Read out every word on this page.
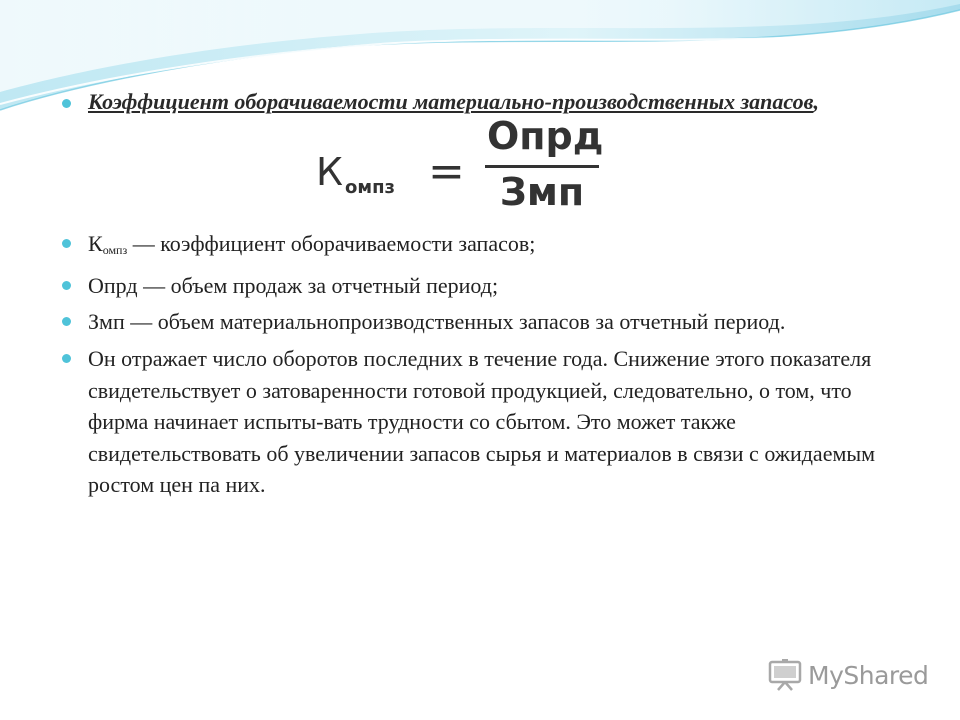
Коэффициент оборачиваемости материально-производственных запасов,
К $_{омпз}$ =
Опрд
Змп
$К_{омпз}$ — коэффициент оборачиваемости запасов;
Опрд — объем продаж за отчетный период;
Змп — объем материальнопроизводственных запасов за отчетный период.
Он отражает число оборотов последних в течение года. Снижение этого показателя свидетельствует о затоваренности готовой продукцией, следовательно, о том, что фирма начинает испыты-вать трудности со сбытом. Это может также свидетельствовать об увеличении запасов сырья и материалов в связи с ожидаемым ростом цен па них.
MyShared
